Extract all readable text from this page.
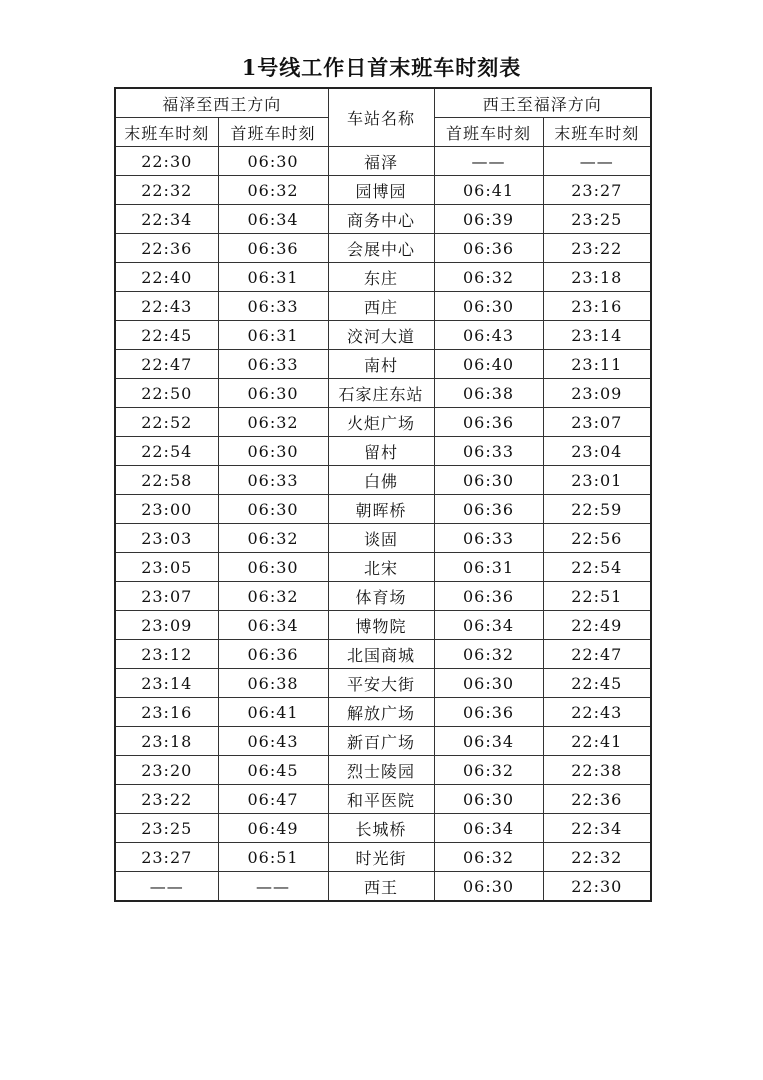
1号线工作日首末班车时刻表
福泽至西王方向		车站名称	西王至福泽方向	
末班车时刻	首班车时刻		首班车时刻	末班车时刻
22:30	06:30	福泽	——	——
22:32	06:32	园博园	06:41	23:27
22:34	06:34	商务中心	06:39	23:25
22:36	06:36	会展中心	06:36	23:22
22:40	06:31	东庄	06:32	23:18
22:43	06:33	西庄	06:30	23:16
22:45	06:31	洨河大道	06:43	23:14
22:47	06:33	南村	06:40	23:11
22:50	06:30	石家庄东站	06:38	23:09
22:52	06:32	火炬广场	06:36	23:07
22:54	06:30	留村	06:33	23:04
22:58	06:33	白佛	06:30	23:01
23:00	06:30	朝晖桥	06:36	22:59
23:03	06:32	谈固	06:33	22:56
23:05	06:30	北宋	06:31	22:54
23:07	06:32	体育场	06:36	22:51
23:09	06:34	博物院	06:34	22:49
23:12	06:36	北国商城	06:32	22:47
23:14	06:38	平安大街	06:30	22:45
23:16	06:41	解放广场	06:36	22:43
23:18	06:43	新百广场	06:34	22:41
23:20	06:45	烈士陵园	06:32	22:38
23:22	06:47	和平医院	06:30	22:36
23:25	06:49	长城桥	06:34	22:34
23:27	06:51	时光街	06:32	22:32
——	——	西王	06:30	22:30
